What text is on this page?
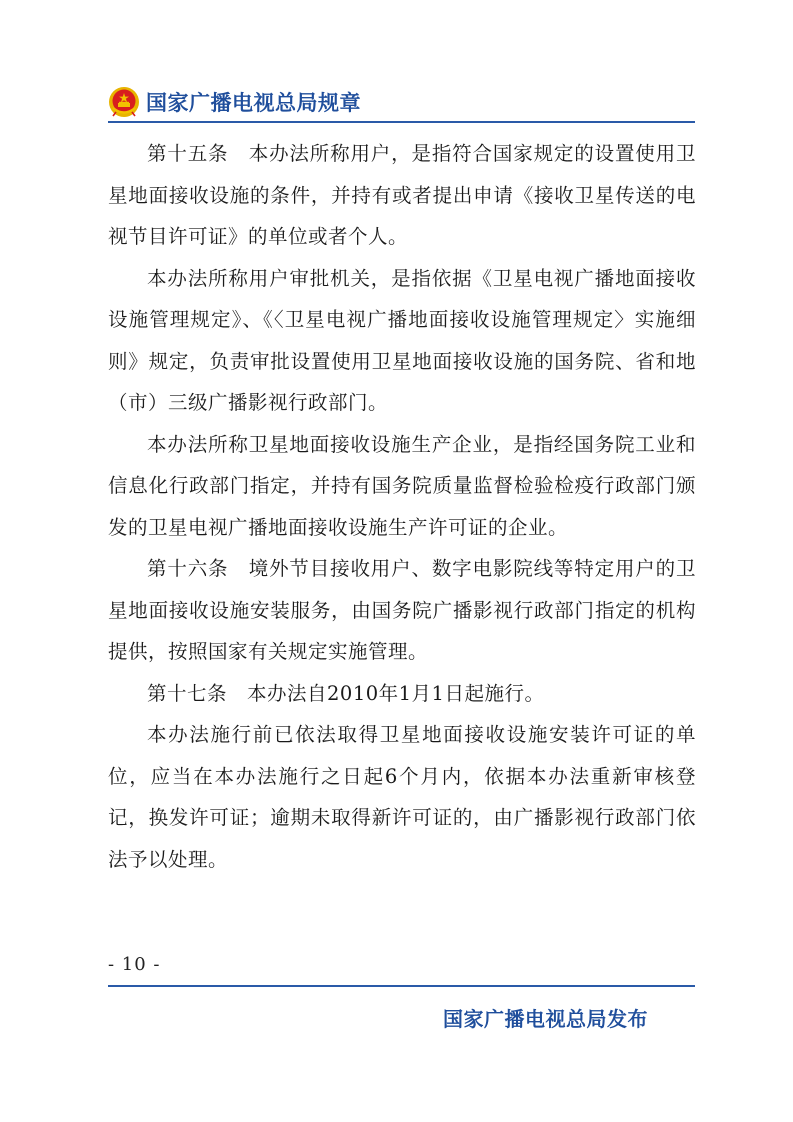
国家广播电视总局规章

第十五条　本办法所称用户，是指符合国家规定的设置使用卫星地面接收设施的条件，并持有或者提出申请《接收卫星传送的电视节目许可证》的单位或者个人。

本办法所称用户审批机关，是指依据《卫星电视广播地面接收设施管理规定》、《〈卫星电视广播地面接收设施管理规定〉实施细则》规定，负责审批设置使用卫星地面接收设施的国务院、省和地（市）三级广播影视行政部门。

本办法所称卫星地面接收设施生产企业，是指经国务院工业和信息化行政部门指定，并持有国务院质量监督检验检疫行政部门颁发的卫星电视广播地面接收设施生产许可证的企业。

第十六条　境外节目接收用户、数字电影院线等特定用户的卫星地面接收设施安装服务，由国务院广播影视行政部门指定的机构提供，按照国家有关规定实施管理。

第十七条　本办法自2010年1月1日起施行。

本办法施行前已依法取得卫星地面接收设施安装许可证的单位，应当在本办法施行之日起6个月内，依据本办法重新审核登记，换发许可证；逾期未取得新许可证的，由广播影视行政部门依法予以处理。

- 10 -
国家广播电视总局发布
